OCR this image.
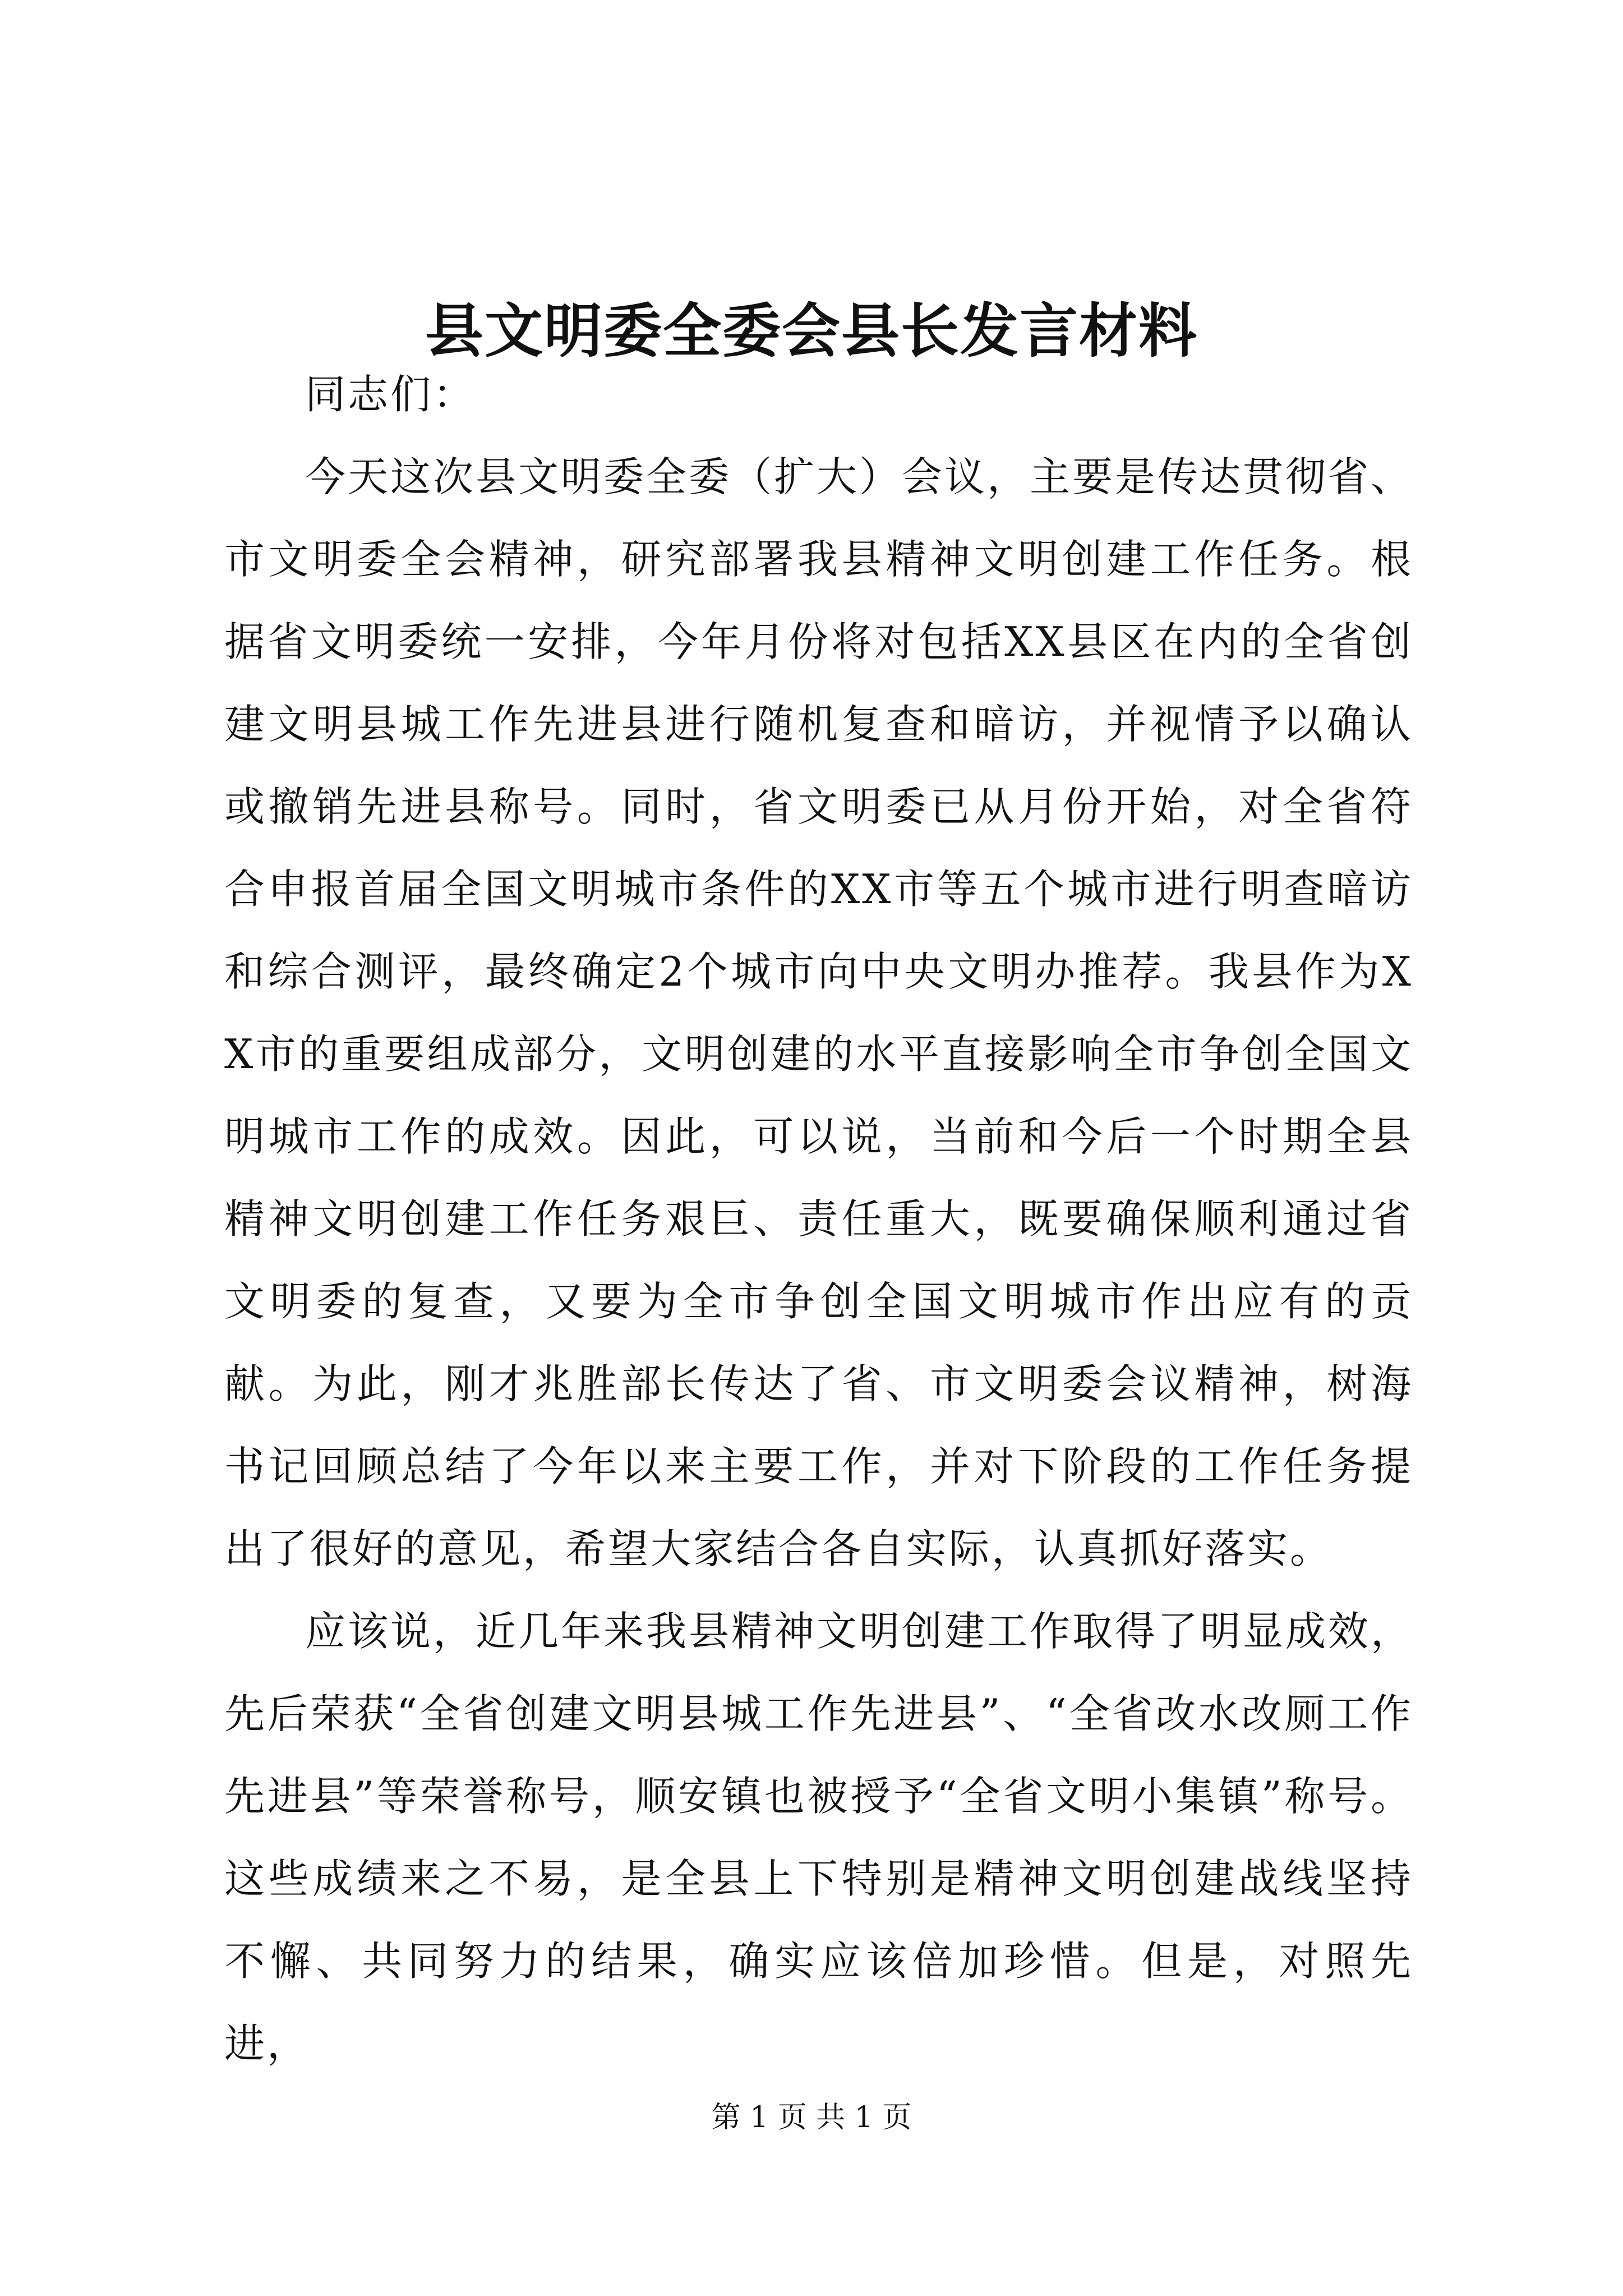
县文明委全委会县长发言材料

同志们：

今天这次县文明委全委（扩大）会议，主要是传达贯彻省、市文明委全会精神，研究部署我县精神文明创建工作任务。根据省文明委统一安排，今年月份将对包括XX县区在内的全省创建文明县城工作先进县进行随机复查和暗访，并视情予以确认或撤销先进县称号。同时，省文明委已从月份开始，对全省符合申报首届全国文明城市条件的XX市等五个城市进行明查暗访和综合测评，最终确定2个城市向中央文明办推荐。我县作为XX市的重要组成部分，文明创建的水平直接影响全市争创全国文明城市工作的成效。因此，可以说，当前和今后一个时期全县精神文明创建工作任务艰巨、责任重大，既要确保顺利通过省文明委的复查，又要为全市争创全国文明城市作出应有的贡献。为此，刚才兆胜部长传达了省、市文明委会议精神，树海书记回顾总结了今年以来主要工作，并对下阶段的工作任务提出了很好的意见，希望大家结合各自实际，认真抓好落实。

应该说，近几年来我县精神文明创建工作取得了明显成效，先后荣获“全省创建文明县城工作先进县”、“全省改水改厕工作先进县”等荣誉称号，顺安镇也被授予“全省文明小集镇”称号。这些成绩来之不易，是全县上下特别是精神文明创建战线坚持不懈、共同努力的结果，确实应该倍加珍惜。但是，对照先进，

第 1 页 共 1 页
